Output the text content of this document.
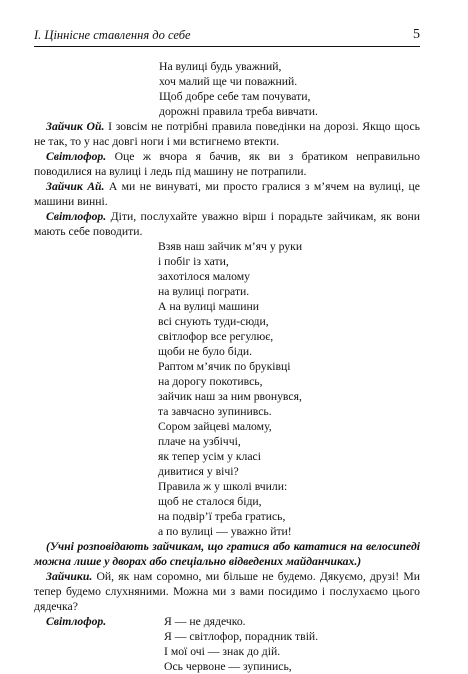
I. Ціннісне ставлення до себе	5
На вулиці будь уважний,
хоч малий ще чи поважний.
Щоб добре себе там почувати,
дорожні правила треба вивчати.
Зайчик Ой. І зовсім не потрібні правила поведінки на дорозі. Якщо щось не так, то у нас довгі ноги і ми встигнемо втекти.
Світлофор. Оце ж вчора я бачив, як ви з братиком неправильно поводилися на вулиці і ледь під машину не потрапили.
Зайчик Ай. А ми не винуваті, ми просто гралися з м’ячем на вулиці, це машини винні.
Світлофор. Діти, послухайте уважно вірш і порадьте зайчикам, як вони мають себе поводити.
Взяв наш зайчик м’яч у руки
і побіг із хати,
захотілося малому
на вулиці пограти.
А на вулиці машини
всі снують туди-сюди,
світлофор все регулює,
щоби не було біди.
Раптом м’ячик по бруківці
на дорогу покотивсь,
зайчик наш за ним рвонувся,
та завчасно зупинивсь.
Сором зайцеві малому,
плаче на узбіччі,
як тепер усім у класі
дивитися у вічі?
Правила ж у школі вчили:
щоб не сталося біди,
на подвір’ї треба гратись,
а по вулиці — уважно йти!
(Учні розповідають зайчикам, що гратися або кататися на велосипеді можна лише у дворах або спеціально відведених майданчиках.)
Зайчики. Ой, як нам соромно, ми більше не будемо. Дякуємо, друзі! Ми тепер будемо слухняними. Можна ми з вами посидимо і послухаємо цього дядечка?
Світлофор.	Я — не дядечко.
Я — світлофор, порадник твій.
І мої очі — знак до дій.
Ось червоне — зупинись,
